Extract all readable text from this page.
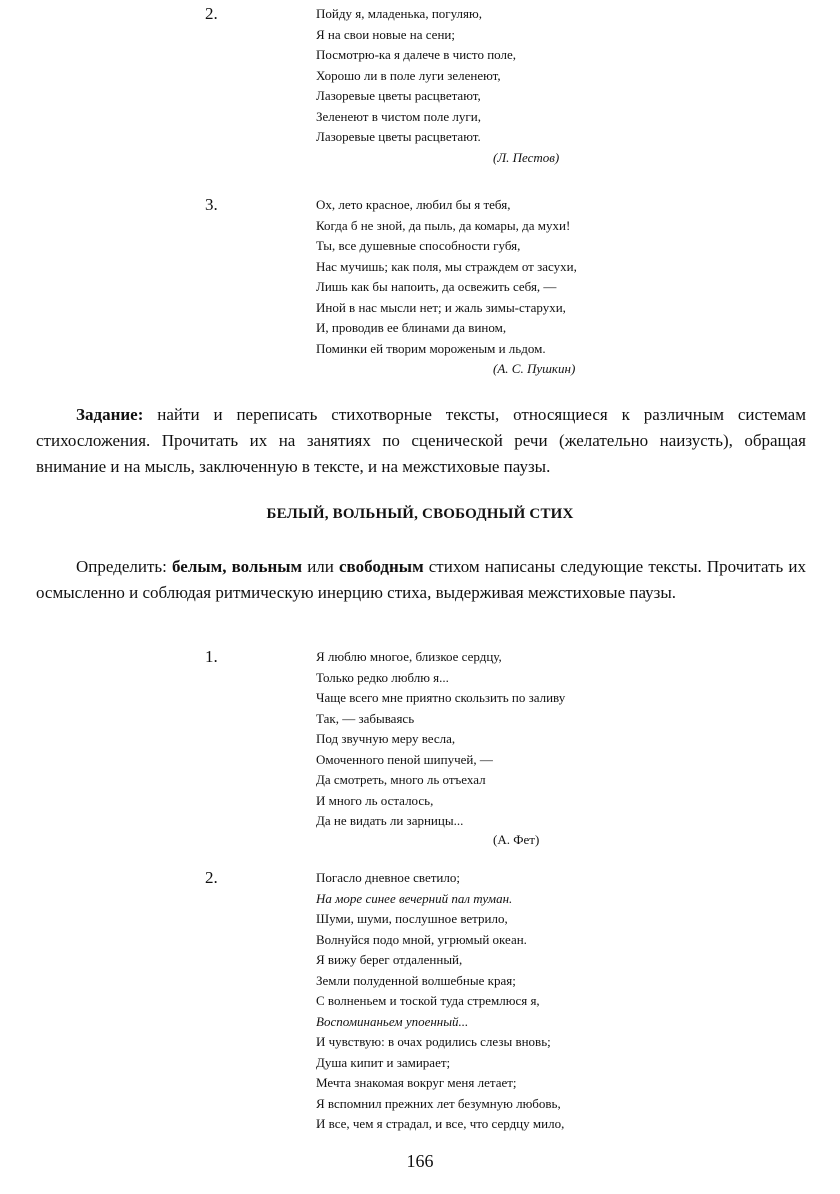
2.	Пойду я, младенька, погуляю,
Я на свои новые на сени;
Посмотрю-ка я далече в чисто поле,
Хорошо ли в поле луги зеленеют,
Лазоревые цветы расцветают,
Зеленеют в чистом поле луги,
Лазоревые цветы расцветают.
(Л. Пестов)
3.	Ох, лето красное, любил бы я тебя,
Когда б не зной, да пыль, да комары, да мухи!
Ты, все душевные способности губя,
Нас мучишь; как поля, мы страждем от засухи,
Лишь как бы напоить, да освежить себя, —
Иной в нас мысли нет; и жаль зимы-старухи,
И, проводив ее блинами да вином,
Поминки ей творим мороженым и льдом.
(А. С. Пушкин)
Задание: найти и переписать стихотворные тексты, относящиеся к различным системам стихосложения. Прочитать их на занятиях по сценической речи (желательно наизусть), обращая внимание и на мысль, заключенную в тексте, и на межстиховые паузы.
БЕЛЫЙ, ВОЛЬНЫЙ, СВОБОДНЫЙ СТИХ
Определить: белым, вольным или свободным стихом написаны следующие тексты. Прочитать их осмысленно и соблюдая ритмическую инерцию стиха, выдерживая межстиховые паузы.
1.	Я люблю многое, близкое сердцу,
Только редко люблю я...
Чаще всего мне приятно скользить по заливу
Так, — забываясь
Под звучную меру весла,
Омоченного пеной шипучей, —
Да смотреть, много ль отъехал
И много ль осталось,
Да не видать ли зарницы...
(А. Фет)
2.	Погасло дневное светило;
На море синее вечерний пал туман.
Шуми, шуми, послушное ветрило,
Волнуйся подо мной, угрюмый океан.
Я вижу берег отдаленный,
Земли полуденной волшебные края;
С волненьем и тоской туда стремлюся я,
Воспоминаньем упоенный...
И чувствую: в очах родились слезы вновь;
Душа кипит и замирает;
Мечта знакомая вокруг меня летает;
Я вспомнил прежних лет безумную любовь,
И все, чем я страдал, и все, что сердцу мило,
166
